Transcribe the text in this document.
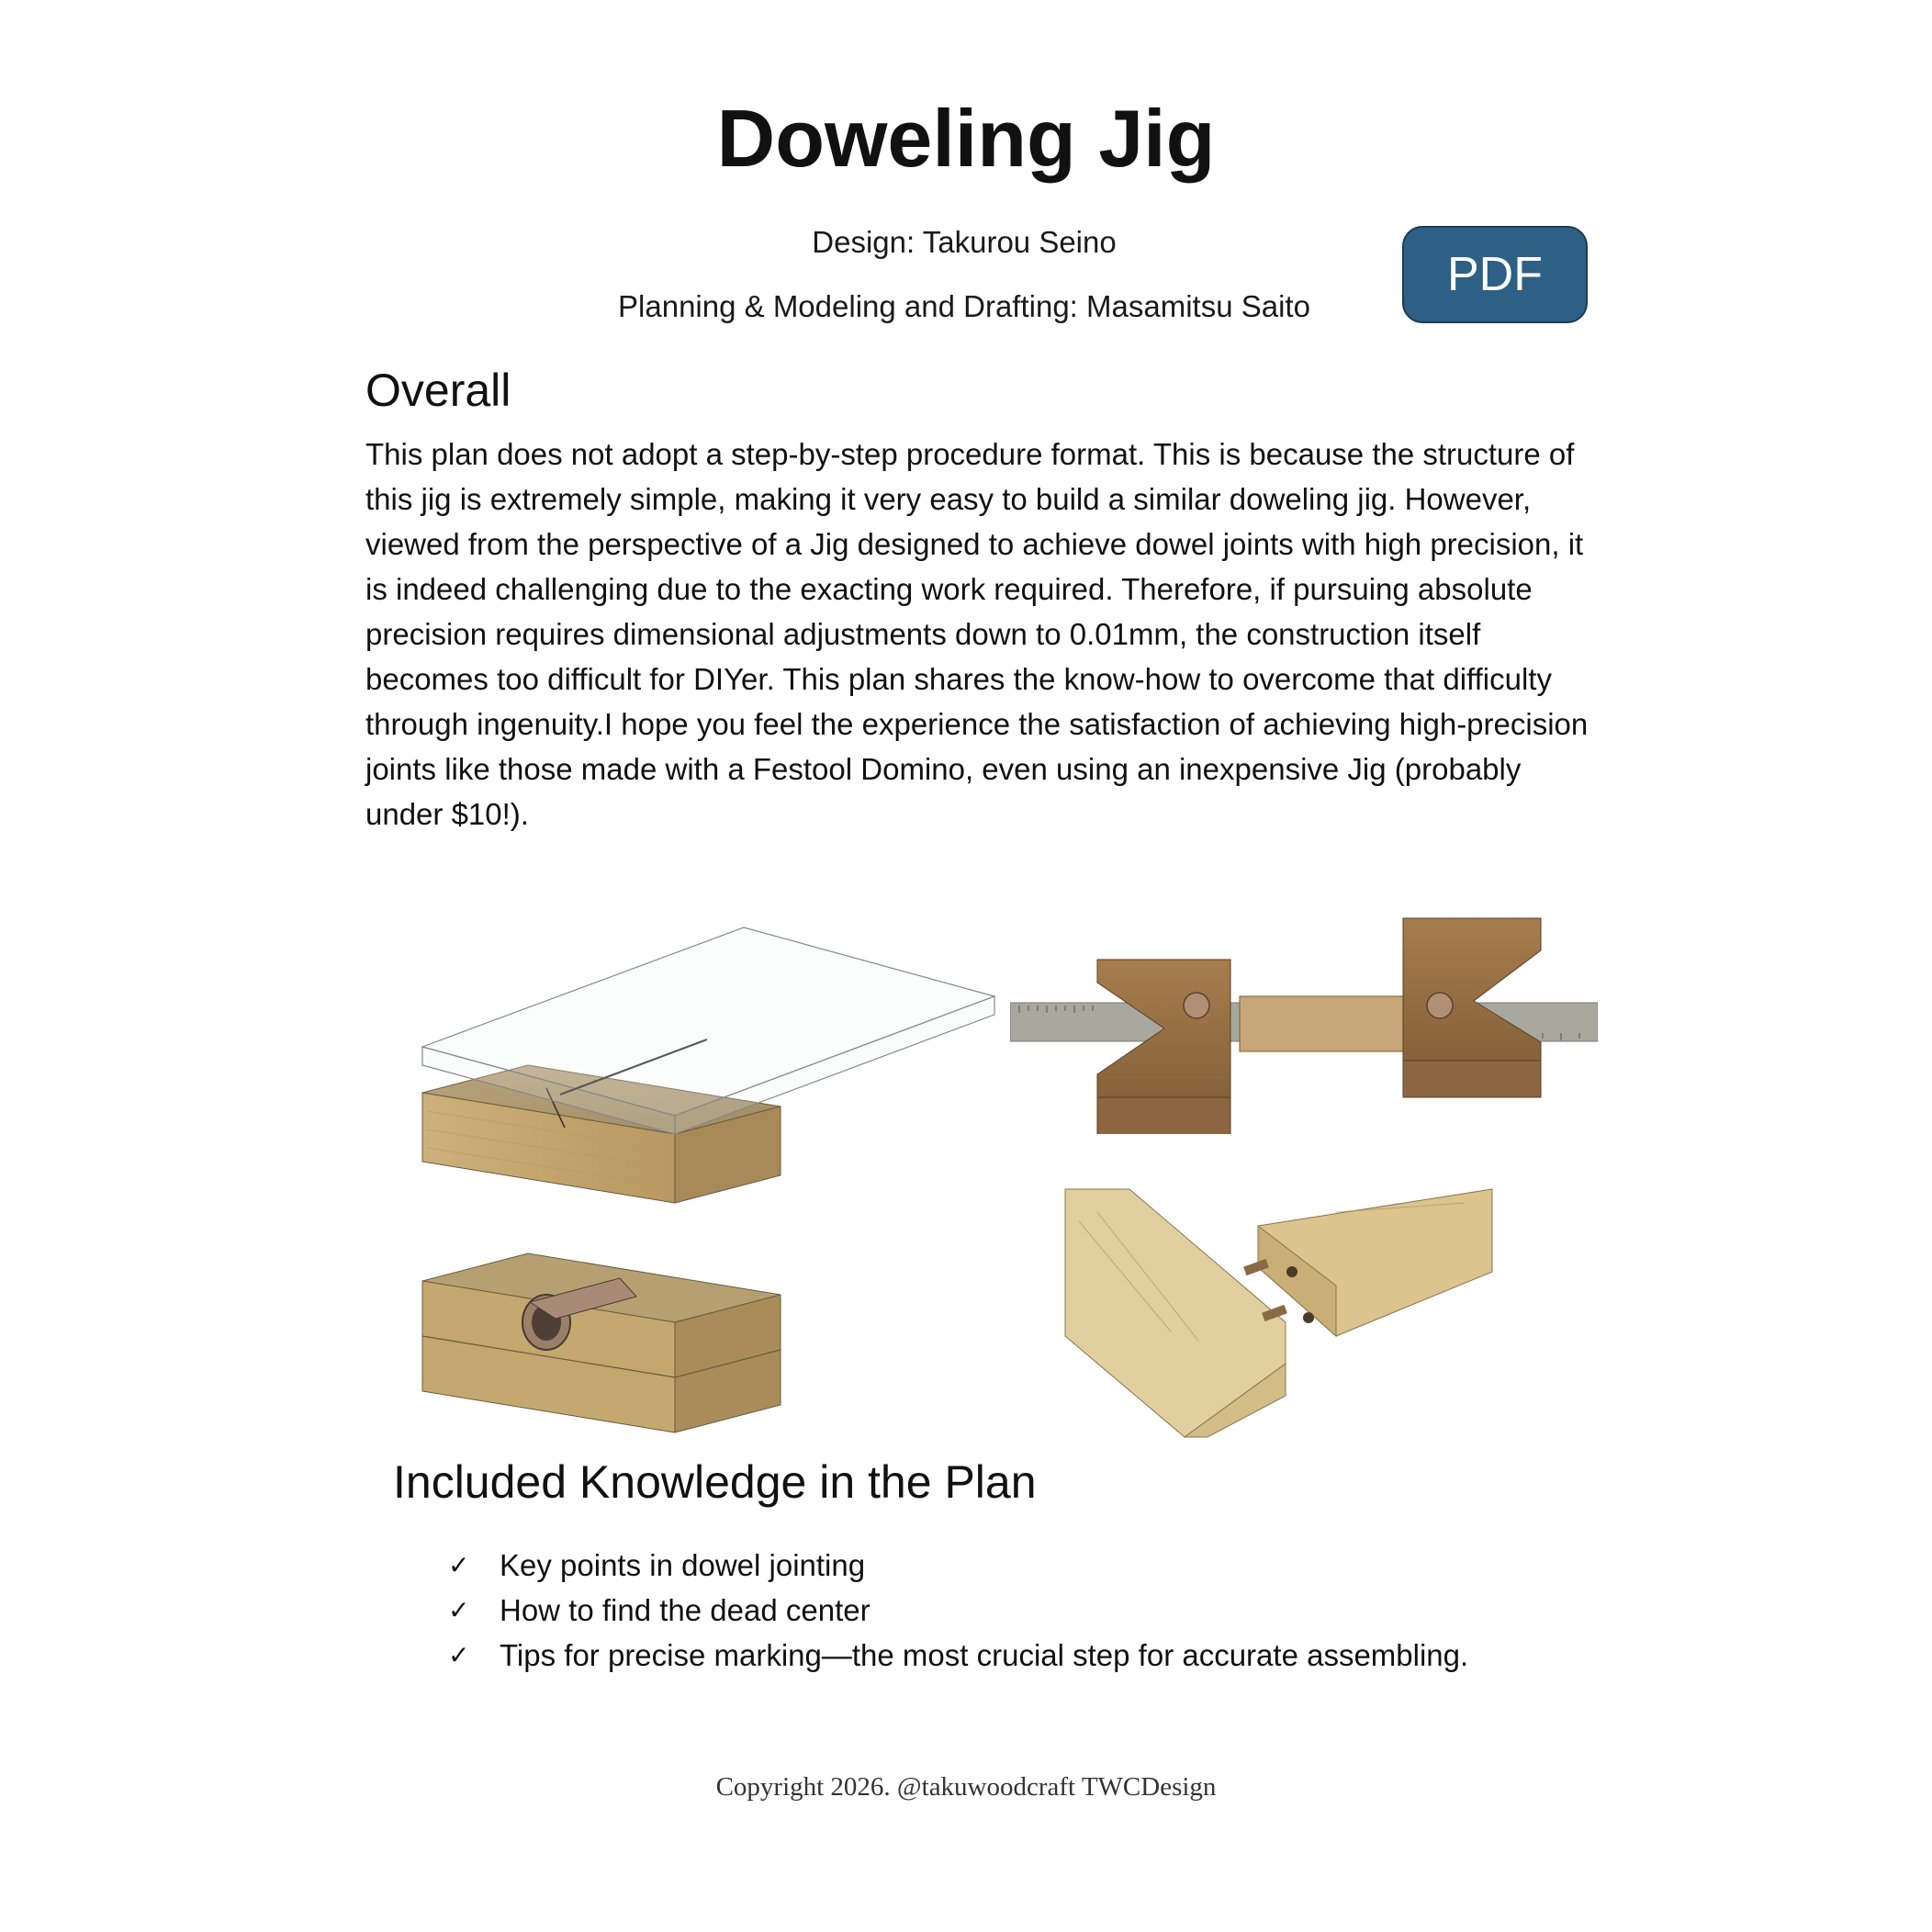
Doweling Jig
Design: Takurou Seino
Planning & Modeling and Drafting: Masamitsu Saito
PDF
Overall
This plan does not adopt a step-by-step procedure format. This is because the structure of this jig is extremely simple, making it very easy to build a similar doweling jig. However, viewed from the perspective of a Jig designed to achieve dowel joints with high precision, it is indeed challenging due to the exacting work required. Therefore, if pursuing absolute precision requires dimensional adjustments down to 0.01mm, the construction itself becomes too difficult for DIYer. This plan shares the know-how to overcome that difficulty through ingenuity.I hope you feel the experience the satisfaction of achieving high-precision joints like those made with a Festool Domino, even using an inexpensive Jig (probably under $10!).
Included Knowledge in the Plan
✓ Key points in dowel jointing
✓ How to find the dead center
✓ Tips for precise marking—the most crucial step for accurate assembling.
Copyright 2026. @takuwoodcraft TWCDesign
